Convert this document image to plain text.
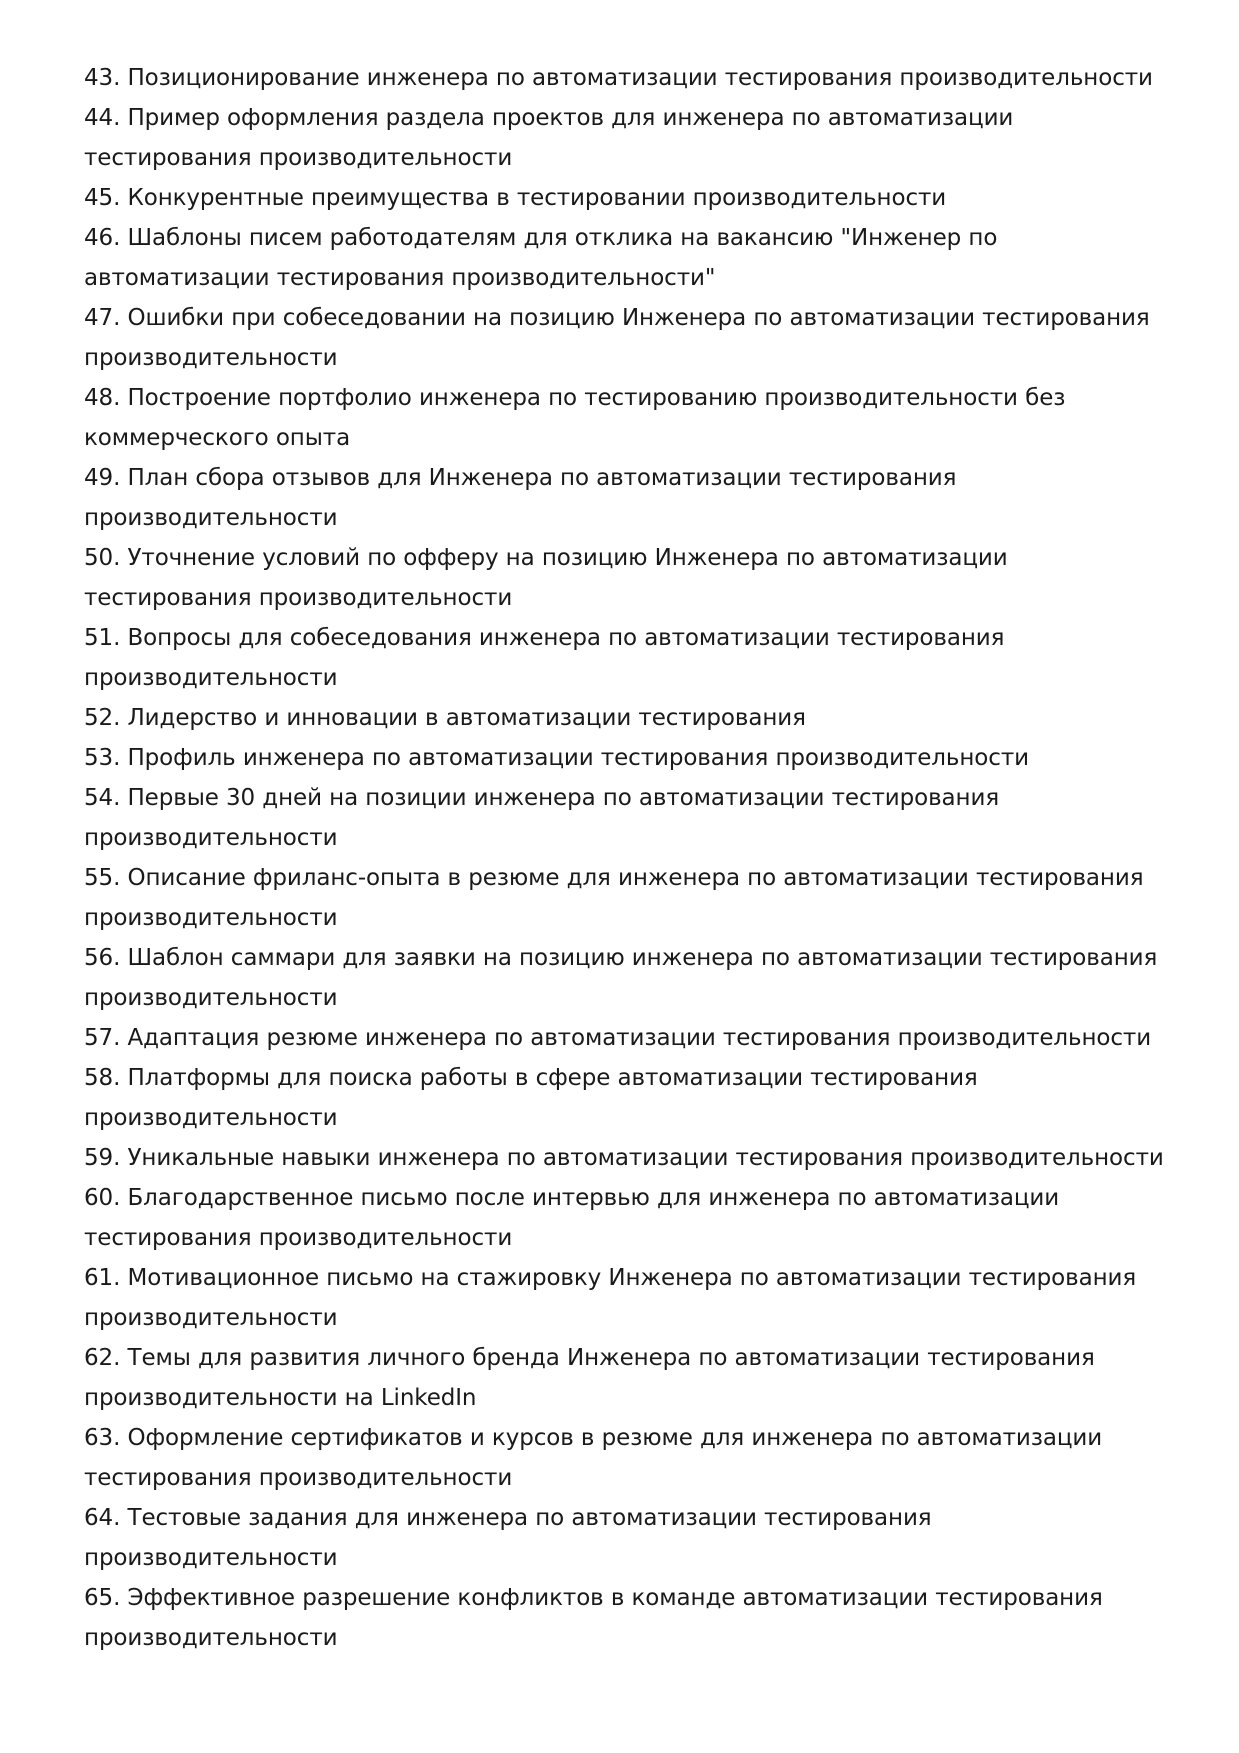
43. Позиционирование инженера по автоматизации тестирования производительности

44. Пример оформления раздела проектов для инженера по автоматизации тестирования производительности

45. Конкурентные преимущества в тестировании производительности

46. Шаблоны писем работодателям для отклика на вакансию "Инженер по автоматизации тестирования производительности"

47. Ошибки при собеседовании на позицию Инженера по автоматизации тестирования производительности

48. Построение портфолио инженера по тестированию производительности без коммерческого опыта

49. План сбора отзывов для Инженера по автоматизации тестирования производительности

50. Уточнение условий по офферу на позицию Инженера по автоматизации тестирования производительности

51. Вопросы для собеседования инженера по автоматизации тестирования производительности

52. Лидерство и инновации в автоматизации тестирования

53. Профиль инженера по автоматизации тестирования производительности

54. Первые 30 дней на позиции инженера по автоматизации тестирования производительности

55. Описание фриланс-опыта в резюме для инженера по автоматизации тестирования производительности

56. Шаблон саммари для заявки на позицию инженера по автоматизации тестирования производительности

57. Адаптация резюме инженера по автоматизации тестирования производительности

58. Платформы для поиска работы в сфере автоматизации тестирования производительности

59. Уникальные навыки инженера по автоматизации тестирования производительности

60. Благодарственное письмо после интервью для инженера по автоматизации тестирования производительности

61. Мотивационное письмо на стажировку Инженера по автоматизации тестирования производительности

62. Темы для развития личного бренда Инженера по автоматизации тестирования производительности на LinkedIn

63. Оформление сертификатов и курсов в резюме для инженера по автоматизации тестирования производительности

64. Тестовые задания для инженера по автоматизации тестирования производительности

65. Эффективное разрешение конфликтов в команде автоматизации тестирования производительности
